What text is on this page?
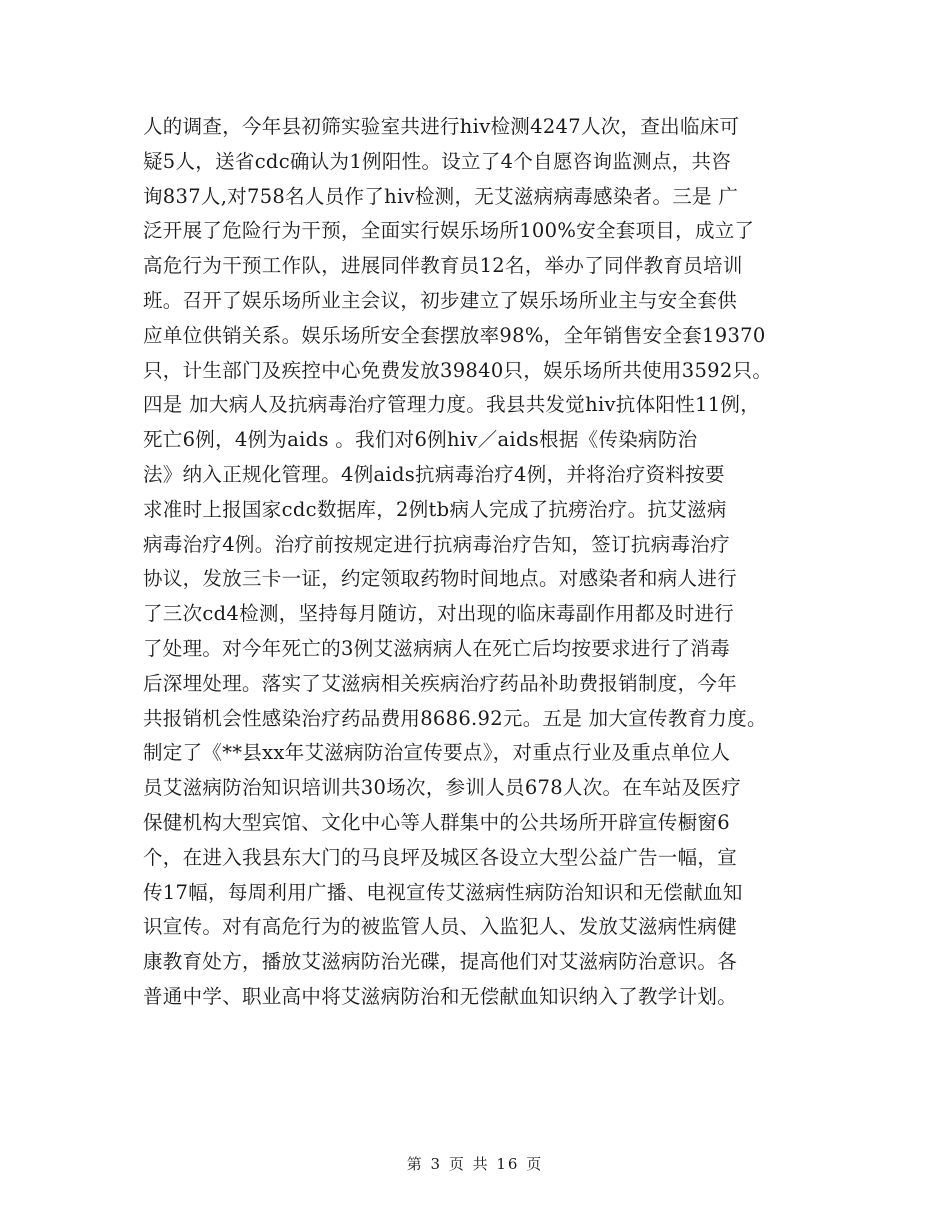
人的调查，今年县初筛实验室共进行hiv检测4247人次，查出临床可
疑5人，送省cdc确认为1例阳性。设立了4个自愿咨询监测点，共咨
询837人,对758名人员作了hiv检测，无艾滋病病毒感染者。三是 广
泛开展了危险行为干预，全面实行娱乐场所100%安全套项目，成立了
高危行为干预工作队，进展同伴教育员12名，举办了同伴教育员培训
班。召开了娱乐场所业主会议，初步建立了娱乐场所业主与安全套供
应单位供销关系。娱乐场所安全套摆放率98%，全年销售安全套19370
只，计生部门及疾控中心免费发放39840只，娱乐场所共使用3592只。
四是 加大病人及抗病毒治疗管理力度。我县共发觉hiv抗体阳性11例，
死亡6例，4例为aids 。我们对6例hiv／aids根据《传染病防治
法》纳入正规化管理。4例aids抗病毒治疗4例，并将治疗资料按要
求准时上报国家cdc数据库，2例tb病人完成了抗痨治疗。抗艾滋病
病毒治疗4例。治疗前按规定进行抗病毒治疗告知，签订抗病毒治疗
协议，发放三卡一证，约定领取药物时间地点。对感染者和病人进行
了三次cd4检测，坚持每月随访，对出现的临床毒副作用都及时进行
了处理。对今年死亡的3例艾滋病病人在死亡后均按要求进行了消毒
后深埋处理。落实了艾滋病相关疾病治疗药品补助费报销制度，今年
共报销机会性感染治疗药品费用8686.92元。五是 加大宣传教育力度。
制定了《**县xx年艾滋病防治宣传要点》，对重点行业及重点单位人
员艾滋病防治知识培训共30场次，参训人员678人次。在车站及医疗
保健机构大型宾馆、文化中心等人群集中的公共场所开辟宣传橱窗6
个，在进入我县东大门的马良坪及城区各设立大型公益广告一幅，宣
传17幅，每周利用广播、电视宣传艾滋病性病防治知识和无偿献血知
识宣传。对有高危行为的被监管人员、入监犯人、发放艾滋病性病健
康教育处方，播放艾滋病防治光碟，提高他们对艾滋病防治意识。各
普通中学、职业高中将艾滋病防治和无偿献血知识纳入了教学计划。
第 3 页 共 16 页
